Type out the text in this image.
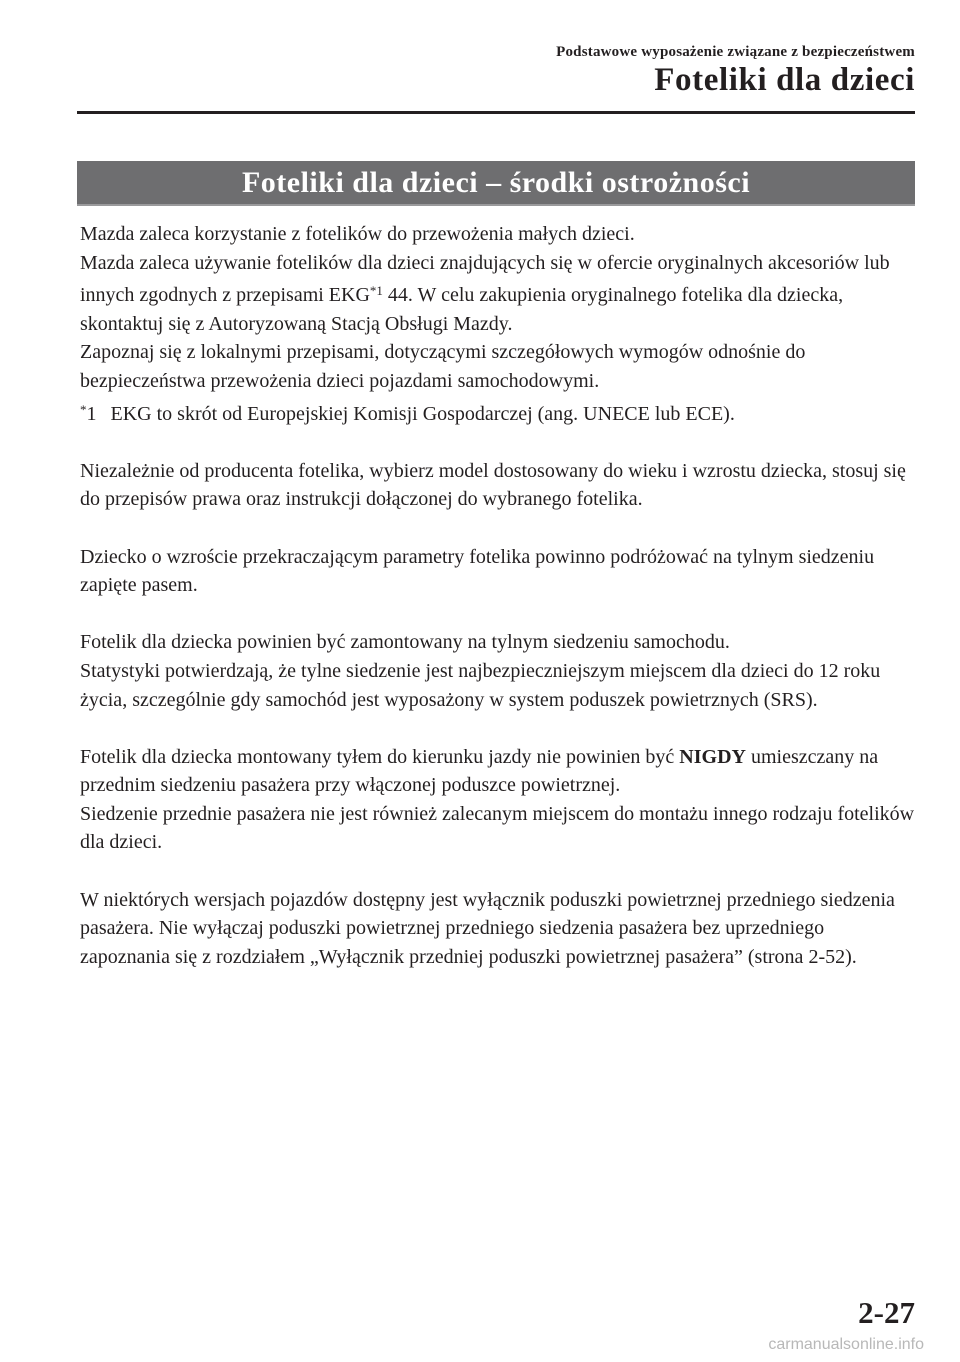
Podstawowe wyposażenie związane z bezpieczeństwem
Foteliki dla dzieci
Foteliki dla dzieci – środki ostrożności

Mazda zaleca korzystanie z fotelików do przewożenia małych dzieci.

Mazda zaleca używanie fotelików dla dzieci znajdujących się w ofercie oryginalnych akcesoriów lub innych zgodnych z przepisami EKG$^{*1}$ 44. W celu zakupienia oryginalnego fotelika dla dziecka, skontaktuj się z Autoryzowaną Stacją Obsługi Mazdy.

Zapoznaj się z lokalnymi przepisami, dotyczącymi szczegółowych wymogów odnośnie do bezpieczeństwa przewożenia dzieci pojazdami samochodowymi.

*1 EKG to skrót od Europejskiej Komisji Gospodarczej (ang. UNECE lub ECE).

Niezależnie od producenta fotelika, wybierz model dostosowany do wieku i wzrostu dziecka, stosuj się do przepisów prawa oraz instrukcji dołączonej do wybranego fotelika.

Dziecko o wzroście przekraczającym parametry fotelika powinno podróżować na tylnym siedzeniu zapięte pasem.

Fotelik dla dziecka powinien być zamontowany na tylnym siedzeniu samochodu.

Statystyki potwierdzają, że tylne siedzenie jest najbezpieczniejszym miejscem dla dzieci do 12 roku życia, szczególnie gdy samochód jest wyposażony w system poduszek powietrznych (SRS).

Fotelik dla dziecka montowany tyłem do kierunku jazdy nie powinien być NIGDY umieszczany na przednim siedzeniu pasażera przy włączonej poduszce powietrznej.

Siedzenie przednie pasażera nie jest również zalecanym miejscem do montażu innego rodzaju fotelików dla dzieci.

W niektórych wersjach pojazdów dostępny jest wyłącznik poduszki powietrznej przedniego siedzenia pasażera. Nie wyłączaj poduszki powietrznej przedniego siedzenia pasażera bez uprzedniego zapoznania się z rozdziałem „Wyłącznik przedniej poduszki powietrznej pasażera” (strona 2-52).

2-27
carmanualsonline.info
